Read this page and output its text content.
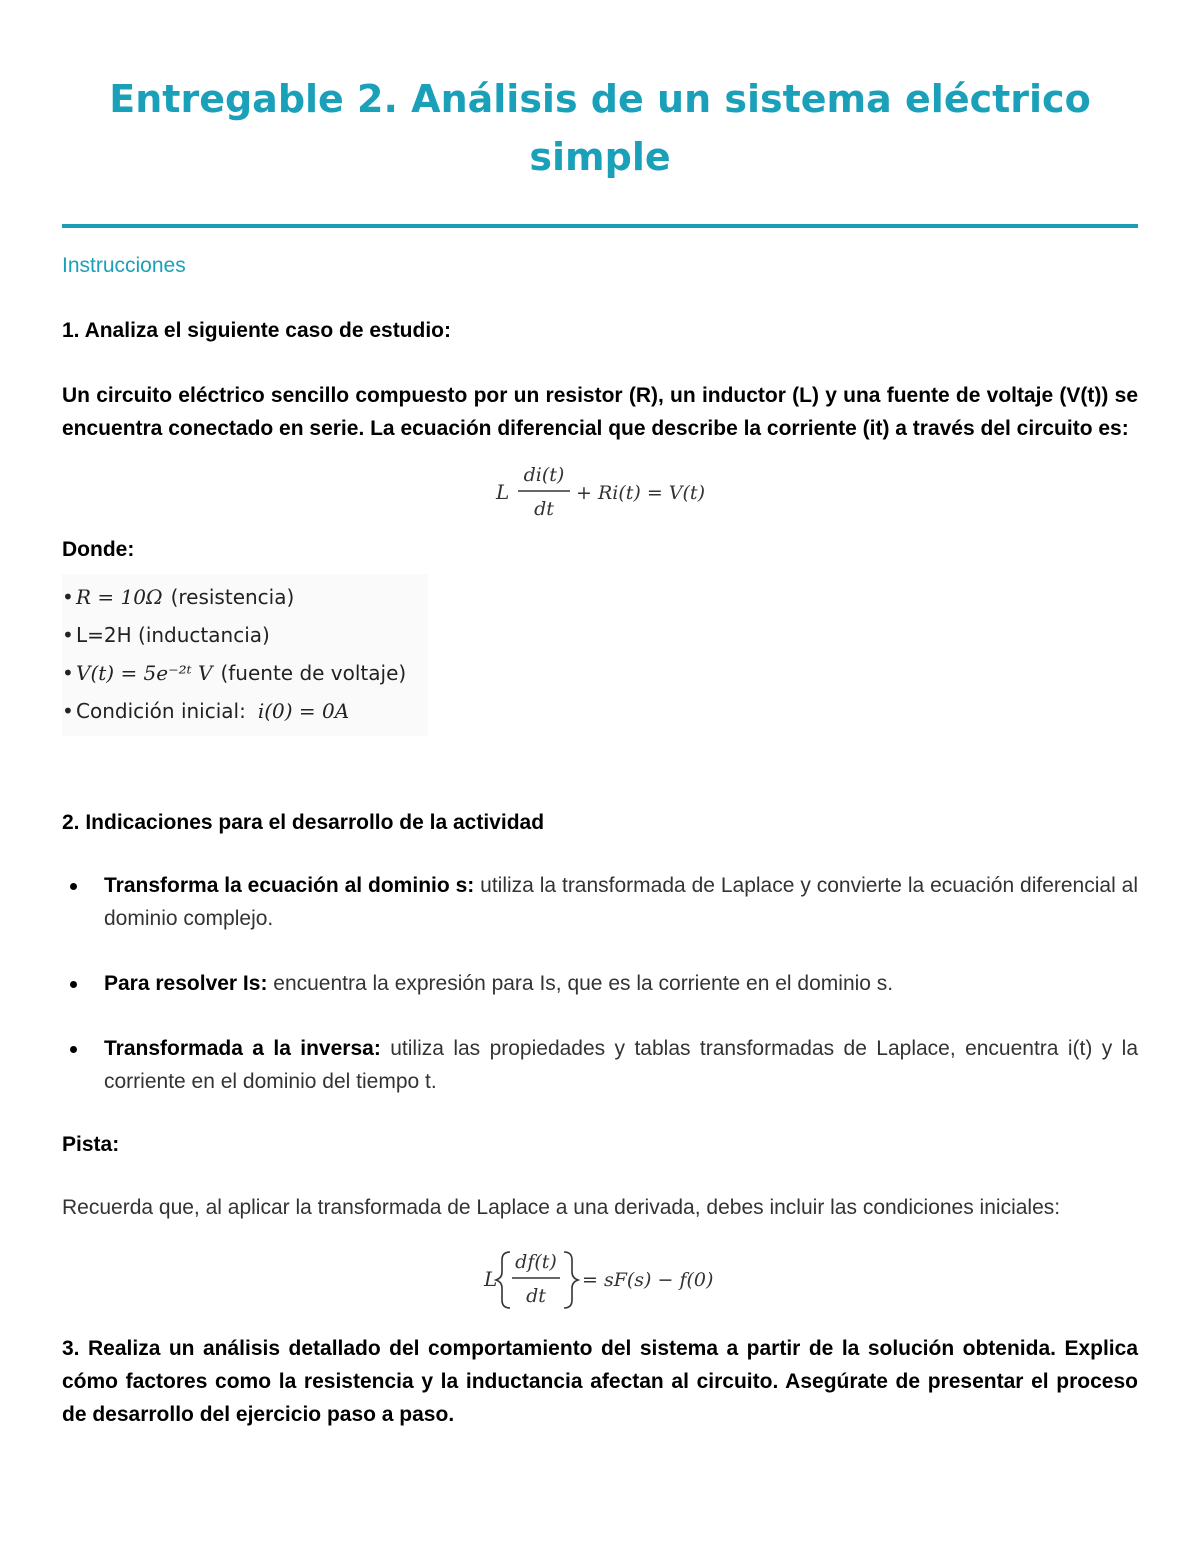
Entregable 2. Análisis de un sistema eléctrico simple
Instrucciones

1. Analiza el siguiente caso de estudio:

Un circuito eléctrico sencillo compuesto por un resistor (R), un inductor (L) y una fuente de voltaje (V(t)) se encuentra conectado en serie. La ecuación diferencial que describe la corriente (it) a través del circuito es:

L
di(t)
dt
+ Ri(t) = V(t)

Donde:

• R = 10Ω (resistencia)
• L=2H (inductancia)
• V(t) = 5e⁻²ᵗ V (fuente de voltaje)
• Condición inicial: i(0) = 0A

2. Indicaciones para el desarrollo de la actividad

Transforma la ecuación al dominio s: utiliza la transformada de Laplace y convierte la ecuación diferencial al dominio complejo.
Para resolver Is: encuentra la expresión para Is, que es la corriente en el dominio s.
Transformada a la inversa: utiliza las propiedades y tablas transformadas de Laplace, encuentra i(t) y la corriente en el dominio del tiempo t.

Pista:

Recuerda que, al aplicar la transformada de Laplace a una derivada, debes incluir las condiciones iniciales:

L
df(t)
dt
= sF(s) − f(0)

3. Realiza un análisis detallado del comportamiento del sistema a partir de la solución obtenida. Explica cómo factores como la resistencia y la inductancia afectan al circuito. Asegúrate de presentar el proceso de desarrollo del ejercicio paso a paso.
